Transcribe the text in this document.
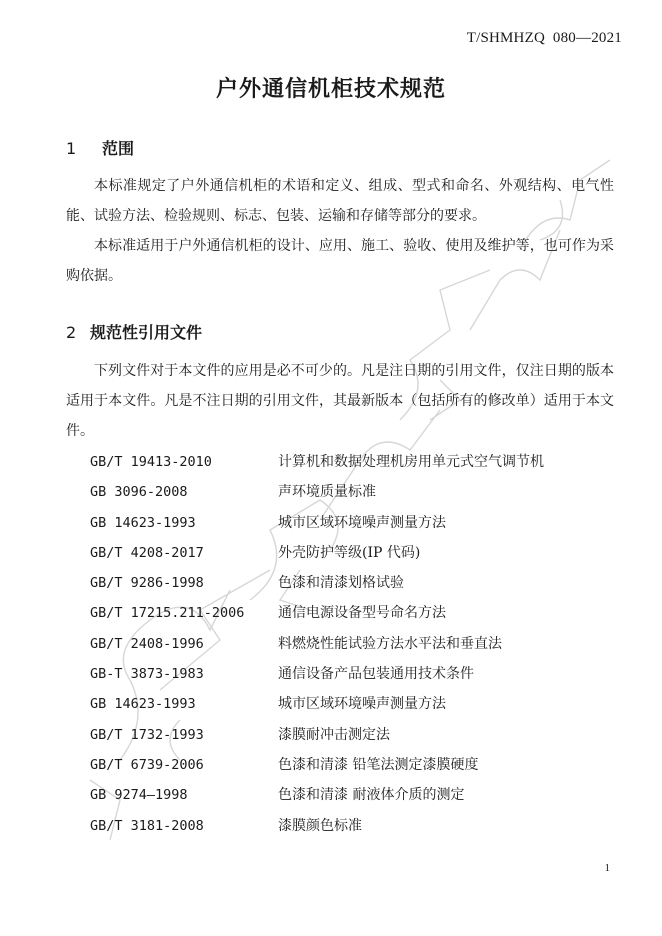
T/SHMHZQ  080—2021
户外通信机柜技术规范
1 范围

本标准规定了户外通信机柜的术语和定义、组成、型式和命名、外观结构、电气性能、试验方法、检验规则、标志、包装、运输和存储等部分的要求。

本标准适用于户外通信机柜的设计、应用、施工、验收、使用及维护等，也可作为采购依据。

2 规范性引用文件

下列文件对于本文件的应用是必不可少的。凡是注日期的引用文件，仅注日期的版本适用于本文件。凡是不注日期的引用文件，其最新版本（包括所有的修改单）适用于本文件。

GB/T 19413-2010	计算机和数据处理机房用单元式空气调节机
GB 3096-2008	声环境质量标准
GB 14623-1993	城市区域环境噪声测量方法
GB/T 4208-2017	外壳防护等级(IP 代码)
GB/T 9286-1998	色漆和清漆划格试验
GB/T 17215.211-2006 通信电源设备型号命名方法
GB/T 2408-1996	料燃烧性能试验方法水平法和垂直法
GB-T 3873-1983	通信设备产品包装通用技术条件
GB 14623-1993	城市区域环境噪声测量方法
GB/T 1732-1993	漆膜耐冲击测定法
GB/T 6739-2006	色漆和清漆 铅笔法测定漆膜硬度
GB 9274—1998	色漆和清漆 耐液体介质的测定
GB/T 3181-2008	漆膜颜色标准
1
